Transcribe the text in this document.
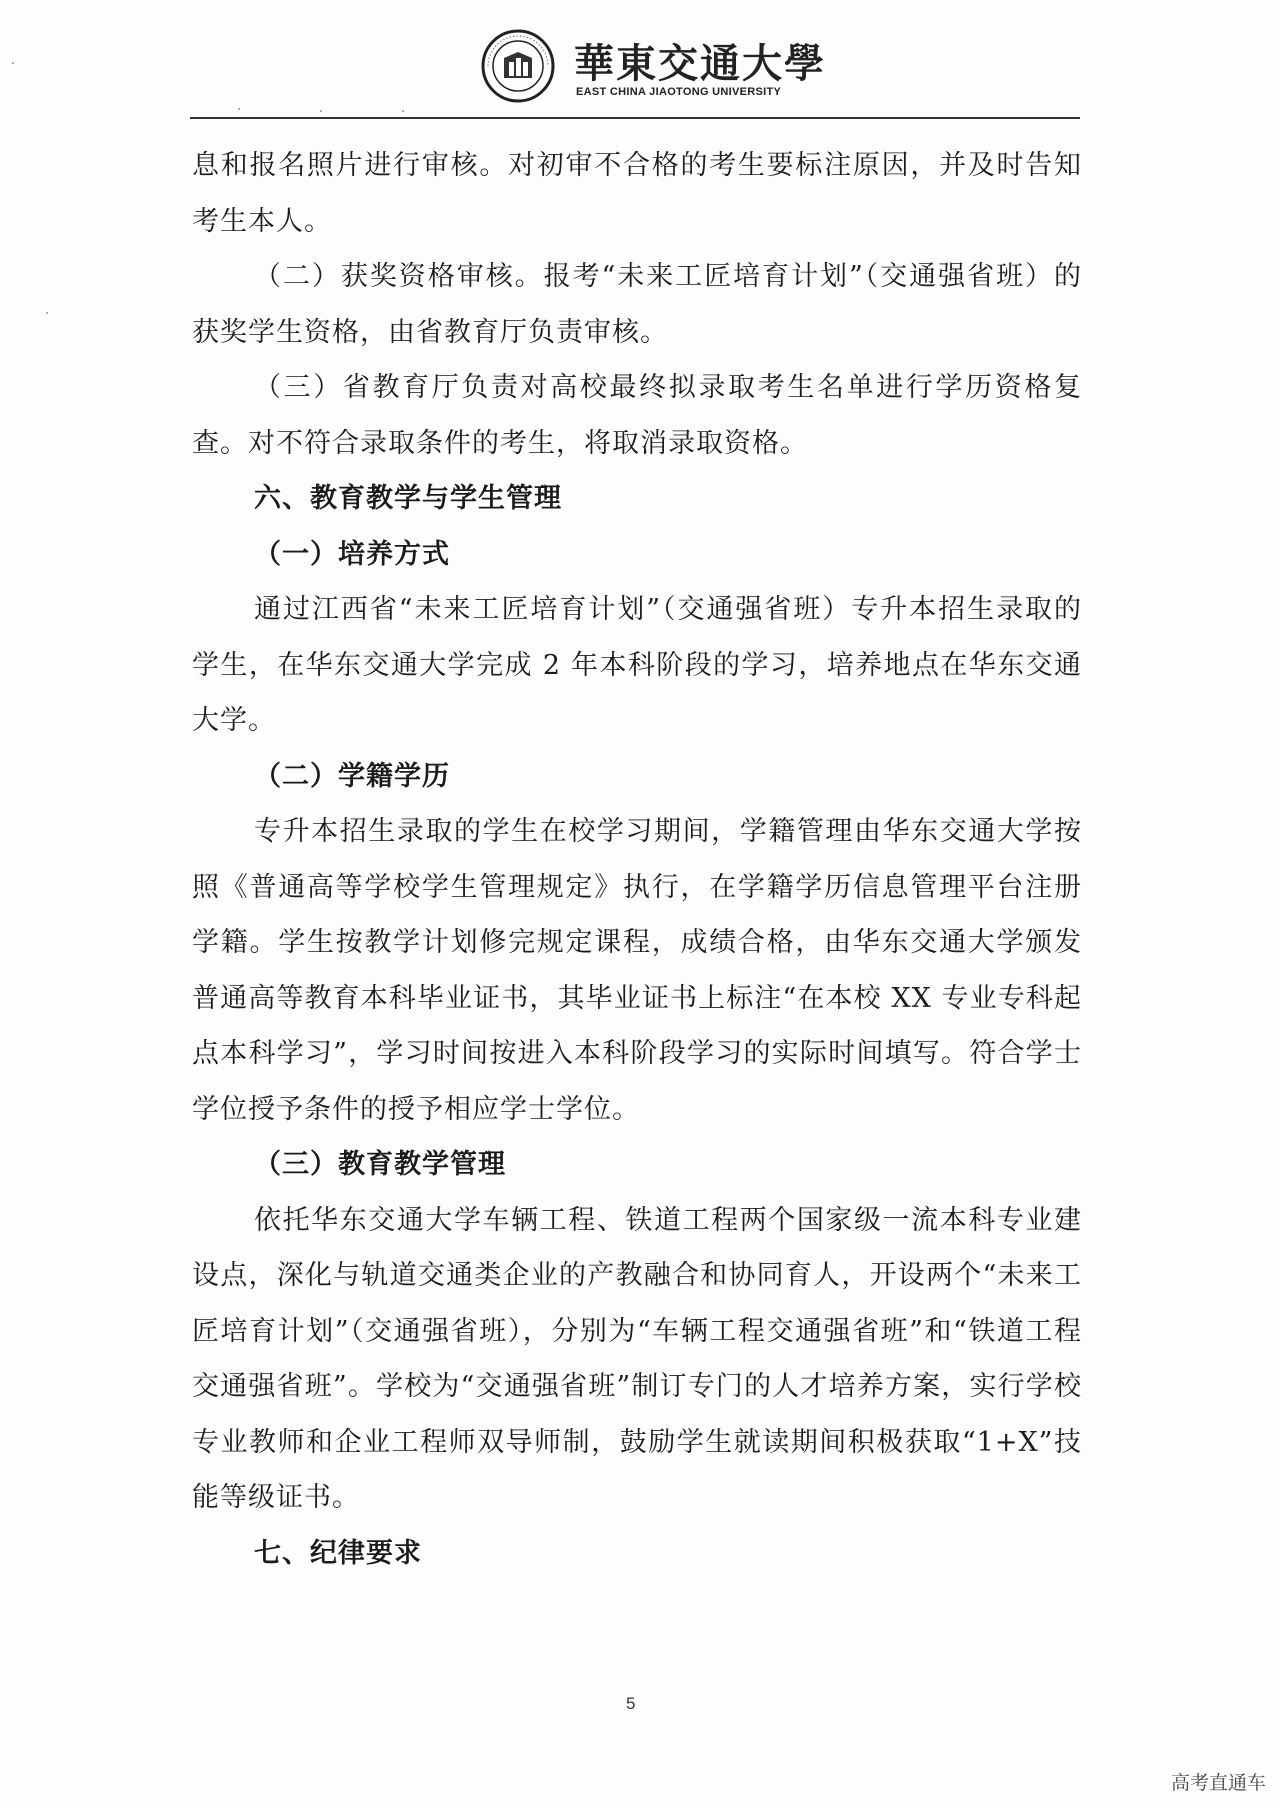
華東交通大學
EAST CHINA JIAOTONG UNIVERSITY

息和报名照片进行审核。对初审不合格的考生要标注原因，并及时告知考生本人。

（二）获奖资格审核。报考“未来工匠培育计划”（交通强省班）的获奖学生资格，由省教育厅负责审核。

（三）省教育厅负责对高校最终拟录取考生名单进行学历资格复查。对不符合录取条件的考生，将取消录取资格。

六、教育教学与学生管理

（一）培养方式

通过江西省“未来工匠培育计划”（交通强省班）专升本招生录取的学生，在华东交通大学完成 2 年本科阶段的学习，培养地点在华东交通大学。

（二）学籍学历

专升本招生录取的学生在校学习期间，学籍管理由华东交通大学按照《普通高等学校学生管理规定》执行，在学籍学历信息管理平台注册学籍。学生按教学计划修完规定课程，成绩合格，由华东交通大学颁发普通高等教育本科毕业证书，其毕业证书上标注“在本校 XX 专业专科起点本科学习”，学习时间按进入本科阶段学习的实际时间填写。符合学士学位授予条件的授予相应学士学位。

（三）教育教学管理

依托华东交通大学车辆工程、铁道工程两个国家级一流本科专业建设点，深化与轨道交通类企业的产教融合和协同育人，开设两个“未来工匠培育计划”（交通强省班），分别为“车辆工程交通强省班”和“铁道工程交通强省班”。学校为“交通强省班”制订专门的人才培养方案，实行学校专业教师和企业工程师双导师制，鼓励学生就读期间积极获取“1+X”技能等级证书。

七、纪律要求

5
高考直通车
